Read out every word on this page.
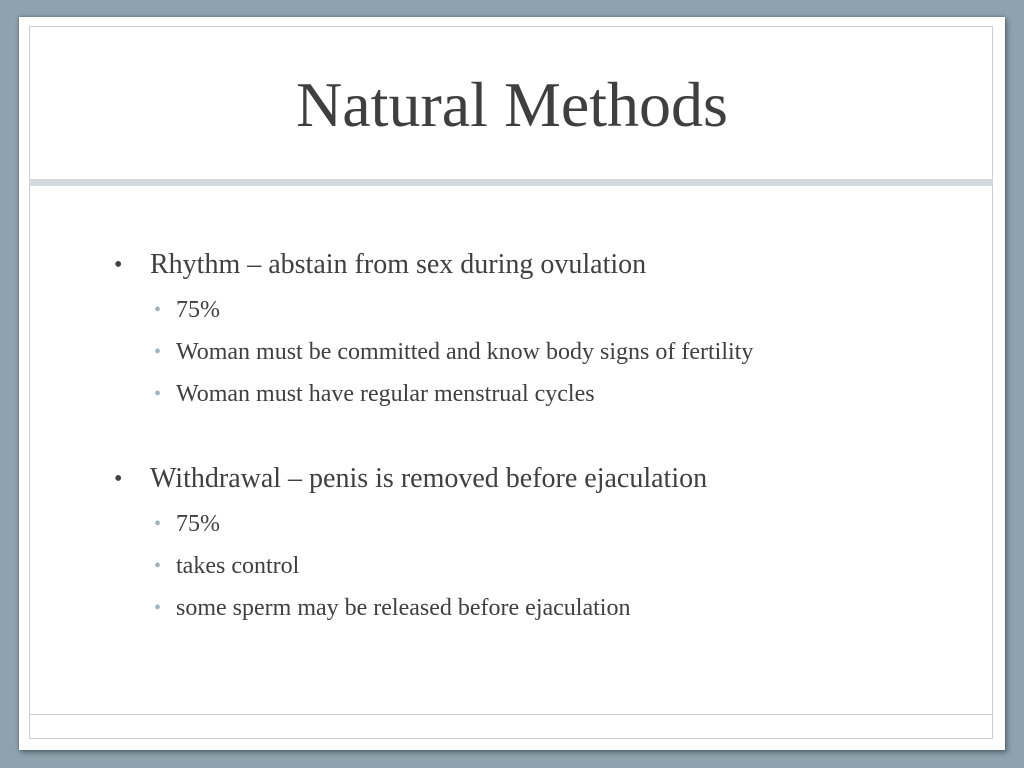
Natural Methods
• Rhythm – abstain from sex during ovulation
• 75%
• Woman must be committed and know body signs of fertility
• Woman must have regular menstrual cycles
• Withdrawal – penis is removed before ejaculation
• 75%
• takes control
• some sperm may be released before ejaculation
